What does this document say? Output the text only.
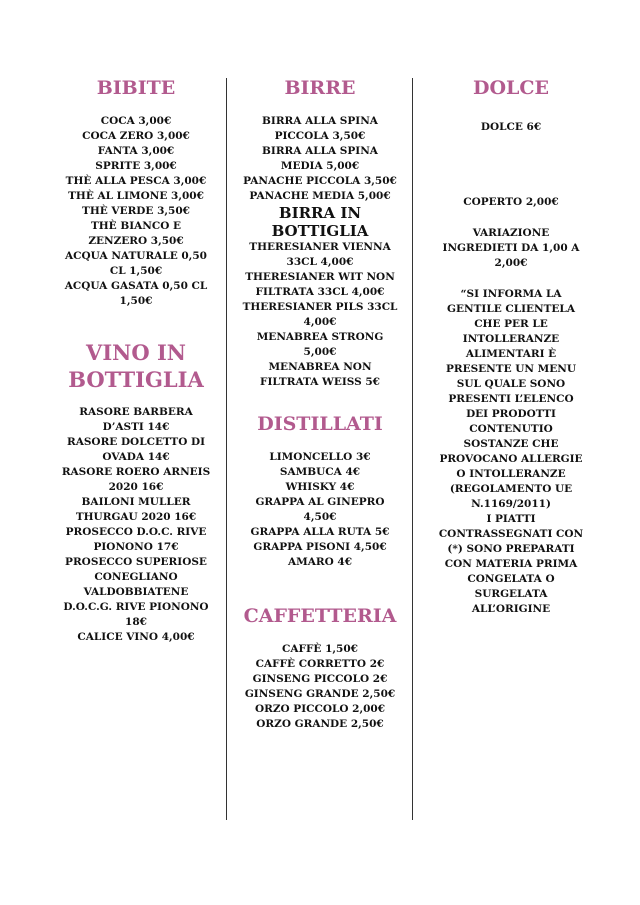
BIBITE
COCA 3,00€
COCA ZERO 3,00€
FANTA 3,00€
SPRITE 3,00€
THÈ ALLA PESCA 3,00€
THÈ AL LIMONE 3,00€
THÈ VERDE 3,50€
THÈ BIANCO E
ZENZERO 3,50€
ACQUA NATURALE 0,50
CL 1,50€
ACQUA GASATA 0,50 CL
1,50€
VINO IN
BOTTIGLIA
RASORE BARBERA
D’ASTI 14€
RASORE DOLCETTO DI
OVADA 14€
RASORE ROERO ARNEIS
2020 16€
BAILONI MULLER
THURGAU 2020 16€
PROSECCO D.O.C. RIVE
PIONONO 17€
PROSECCO SUPERIOSE
CONEGLIANO
VALDOBBIATENE
D.O.C.G. RIVE PIONONO
18€
CALICE VINO 4,00€
BIRRE
BIRRA ALLA SPINA
PICCOLA 3,50€
BIRRA ALLA SPINA
MEDIA 5,00€
PANACHE PICCOLA 3,50€
PANACHE MEDIA 5,00€
BIRRA IN
BOTTIGLIA
THERESIANER VIENNA
33CL 4,00€
THERESIANER WIT NON
FILTRATA 33CL 4,00€
THERESIANER PILS 33CL
4,00€
MENABREA STRONG
5,00€
MENABREA NON
FILTRATA WEISS 5€
DISTILLATI
LIMONCELLO 3€
SAMBUCA 4€
WHISKY 4€
GRAPPA AL GINEPRO
4,50€
GRAPPA ALLA RUTA 5€
GRAPPA PISONI 4,50€
AMARO 4€
CAFFETTERIA
CAFFÈ 1,50€
CAFFÈ CORRETTO 2€
GINSENG PICCOLO 2€
GINSENG GRANDE 2,50€
ORZO PICCOLO 2,00€
ORZO GRANDE 2,50€
DOLCE
DOLCE 6€
COPERTO 2,00€
VARIAZIONE
INGREDIETI DA 1,00 A
2,00€
“SI INFORMA LA
GENTILE CLIENTELA
CHE PER LE
INTOLLERANZE
ALIMENTARI È
PRESENTE UN MENU
SUL QUALE SONO
PRESENTI L’ELENCO
DEI PRODOTTI
CONTENUTIO
SOSTANZE CHE
PROVOCANO ALLERGIE
O INTOLLERANZE
(REGOLAMENTO UE
N.1169/2011)
I PIATTI
CONTRASSEGNATI CON
(*) SONO PREPARATI
CON MATERIA PRIMA
CONGELATA O
SURGELATA
ALL’ORIGINE
